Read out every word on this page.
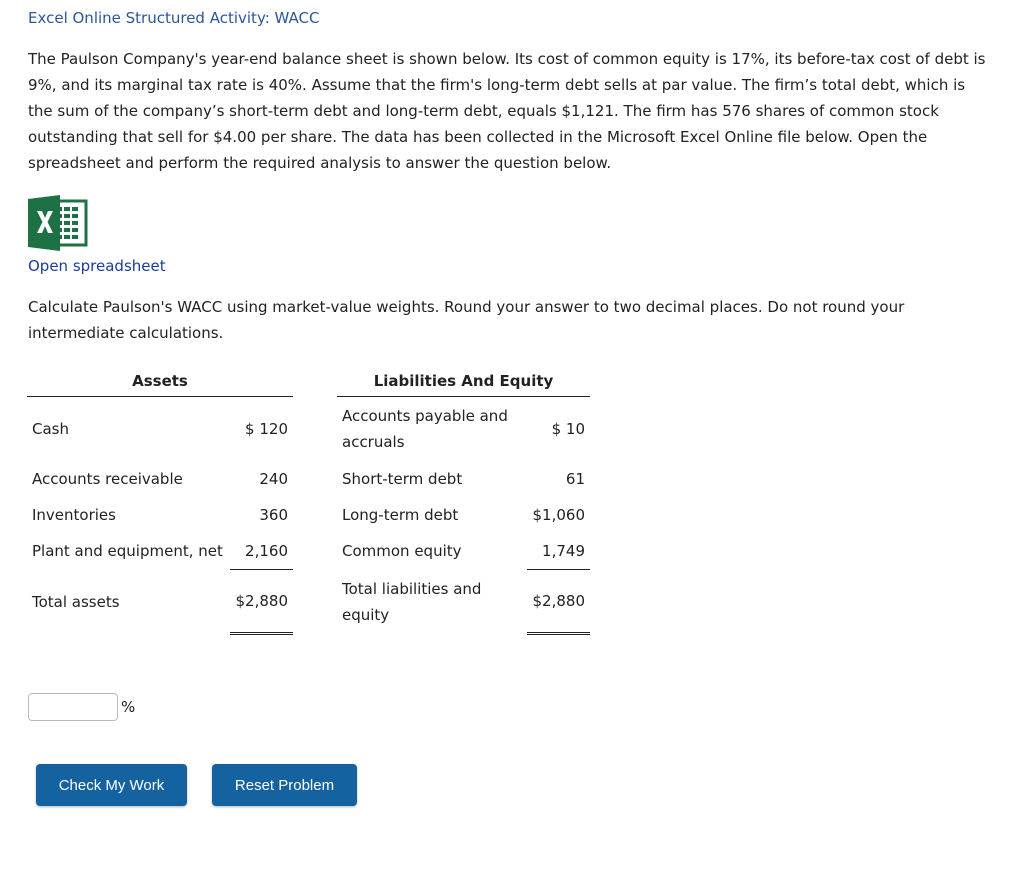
Excel Online Structured Activity: WACC
The Paulson Company's year-end balance sheet is shown below. Its cost of common equity is 17%, its before-tax cost of debt is 9%, and its marginal tax rate is 40%. Assume that the firm's long-term debt sells at par value. The firm’s total debt, which is the sum of the company’s short-term debt and long-term debt, equals $1,121. The firm has 576 shares of common stock outstanding that sell for $4.00 per share. The data has been collected in the Microsoft Excel Online file below. Open the spreadsheet and perform the required analysis to answer the question below.
Open spreadsheet
Calculate Paulson's WACC using market-value weights. Round your answer to two decimal places. Do not round your intermediate calculations.
Assets			Liabilities And Equity	
Cash	$ 120		Accounts payable and accruals	$ 10
Accounts receivable	240		Short-term debt	61
Inventories	360		Long-term debt	$1,060
Plant and equipment, net	2,160		Common equity	1,749
Total assets	$2,880		Total liabilities and equity	$2,880
%
Check My Work	Reset Problem
